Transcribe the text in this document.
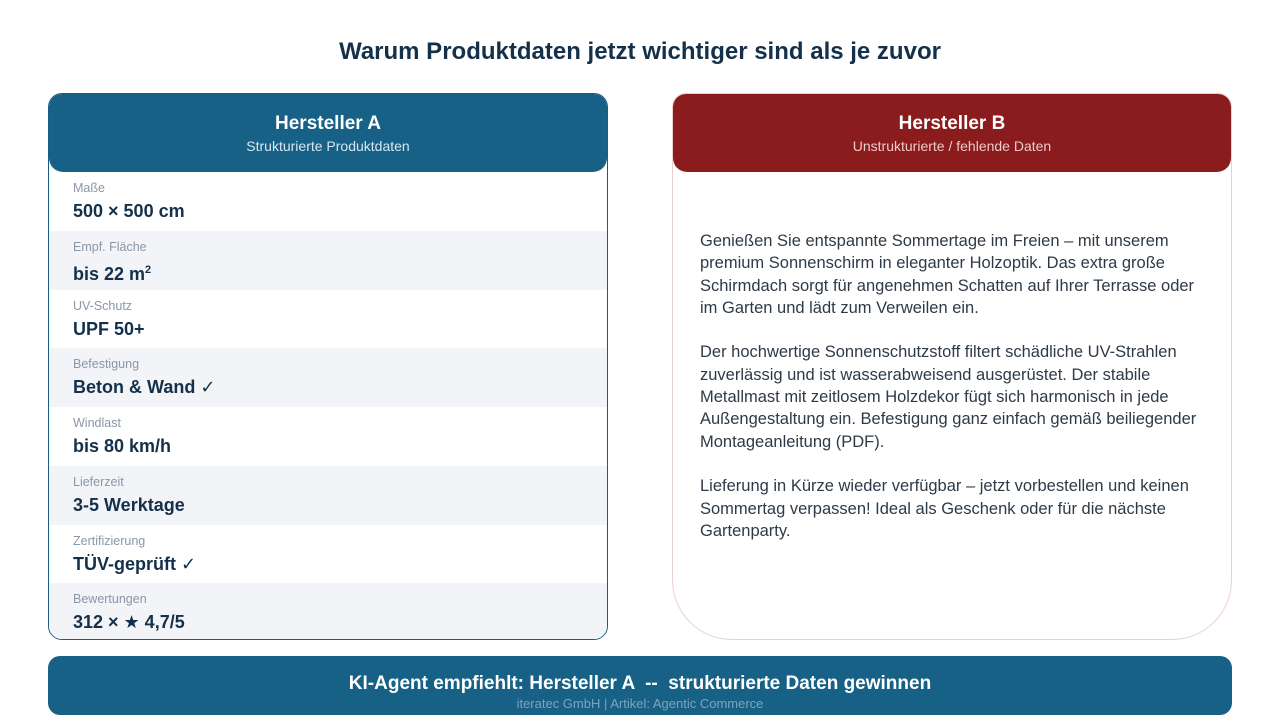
Warum Produktdaten jetzt wichtiger sind als je zuvor
Hersteller A
Strukturierte Produktdaten
Maße
500 × 500 cm
Empf. Fläche
bis 22 $m^2$
UV-Schutz
UPF 50+
Befestigung
Beton & Wand ✓
Windlast
bis 80 km/h
Lieferzeit
3-5 Werktage
Zertifizierung
TÜV-geprüft ✓
Bewertungen
312 × ★ 4,7/5
Hersteller B
Unstrukturierte / fehlende Daten

Genießen Sie entspannte Sommertage im Freien – mit unserem premium Sonnenschirm in eleganter Holzoptik. Das extra große Schirmdach sorgt für angenehmen Schatten auf Ihrer Terrasse oder im Garten und lädt zum Verweilen ein.

Der hochwertige Sonnenschutzstoff filtert schädliche UV-Strahlen zuverlässig und ist wasserabweisend ausgerüstet. Der stabile Metallmast mit zeitlosem Holzdekor fügt sich harmonisch in jede Außengestaltung ein. Befestigung ganz einfach gemäß beiliegender Montageanleitung (PDF).

Lieferung in Kürze wieder verfügbar – jetzt vorbestellen und keinen Sommertag verpassen! Ideal als Geschenk oder für die nächste Gartenparty.

KI-Agent empfiehlt: Hersteller A  --  strukturierte Daten gewinnen
iteratec GmbH | Artikel: Agentic Commerce
